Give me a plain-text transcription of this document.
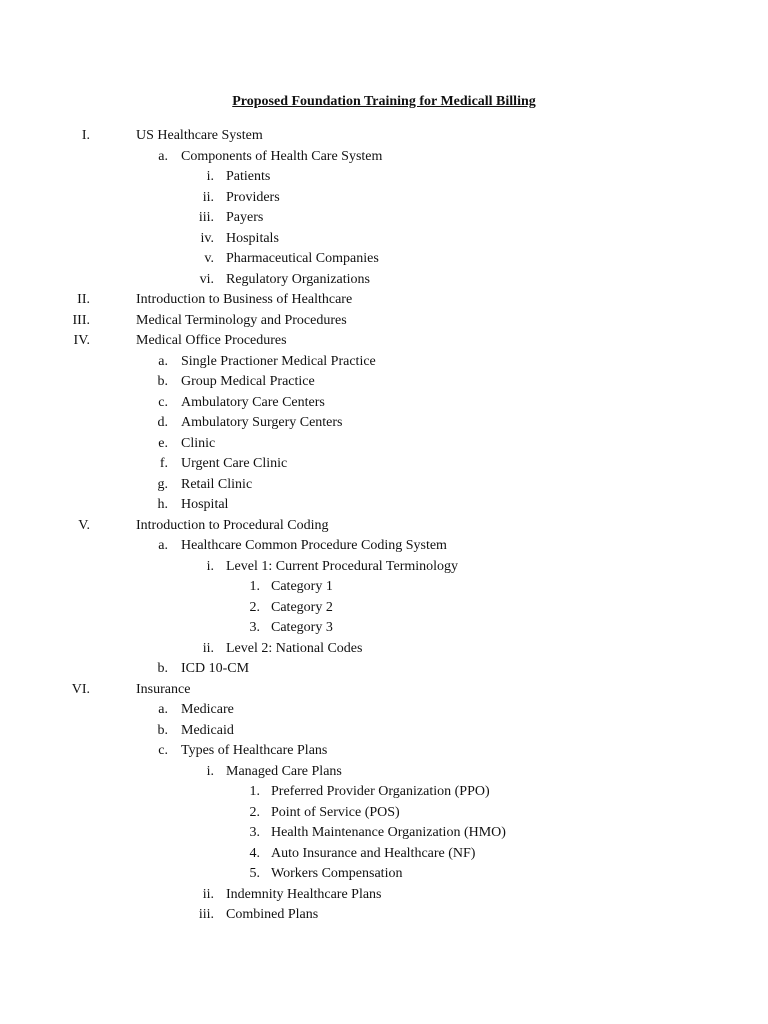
Proposed Foundation Training for Medicall Billing
I.	US Healthcare System
a. Components of Health Care System
i. Patients
ii. Providers
iii. Payers
iv. Hospitals
v. Pharmaceutical Companies
vi. Regulatory Organizations
II.	Introduction to Business of Healthcare
III.	Medical Terminology and Procedures
IV.	Medical Office Procedures
a. Single Practioner Medical Practice
b. Group Medical Practice
c. Ambulatory Care Centers
d. Ambulatory Surgery Centers
e. Clinic
f. Urgent Care Clinic
g. Retail Clinic
h. Hospital
V.	Introduction to Procedural Coding
a. Healthcare Common Procedure Coding System
i. Level 1: Current Procedural Terminology
1. Category 1
2. Category 2
3. Category 3
ii. Level 2: National Codes
b. ICD 10-CM
VI.	Insurance
a. Medicare
b. Medicaid
c. Types of Healthcare Plans
i. Managed Care Plans
1. Preferred Provider Organization (PPO)
2. Point of Service (POS)
3. Health Maintenance Organization (HMO)
4. Auto Insurance and Healthcare (NF)
5. Workers Compensation
ii. Indemnity Healthcare Plans
iii. Combined Plans
